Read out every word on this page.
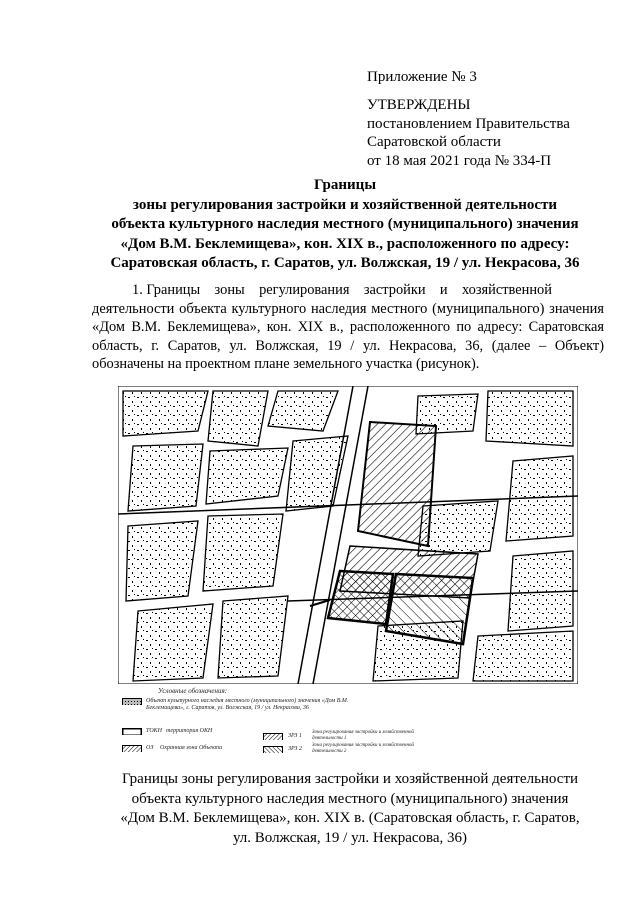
Приложение № 3
УТВЕРЖДЕНЫ
постановлением Правительства
Саратовской области
от 18 мая 2021 года № 334-П
Границы
зоны регулирования застройки и хозяйственной деятельности
объекта культурного наследия местного (муниципального) значения
«Дом В.М. Беклемищева», кон. XIX в., расположенного по адресу:
Саратовская область, г. Саратов, ул. Волжская, 19 / ул. Некрасова, 36
1. Границы    зоны    регулирования    застройки    и    хозяйственной
деятельности объекта культурного наследия местного (муниципального) значения «Дом В.М. Беклемищева», кон. XIX в., расположенного по адресу: Саратовская область, г. Саратов, ул. Волжская, 19 / ул. Некрасова, 36, (далее – Объект) обозначены на проектном плане земельного участка (рисунок).
Условные обозначения:
Объект культурного наследия местного (муниципального) значения «Дом В.М. Беклемищева», г. Саратов, ул. Волжская, 19 / ул. Некрасова, 36
ТОКН территория ОКН
ОЗ Охранная зона Объекта
ЗРЗ 1
Зона регулирования застройки и хозяйственной деятельности 1
ЗРЗ 2
Зона регулирования застройки и хозяйственной деятельности 2
Границы зоны регулирования застройки и хозяйственной деятельности
объекта культурного наследия местного (муниципального) значения
«Дом В.М. Беклемищева», кон. XIX в. (Саратовская область, г. Саратов,
ул. Волжская, 19 / ул. Некрасова, 36)
